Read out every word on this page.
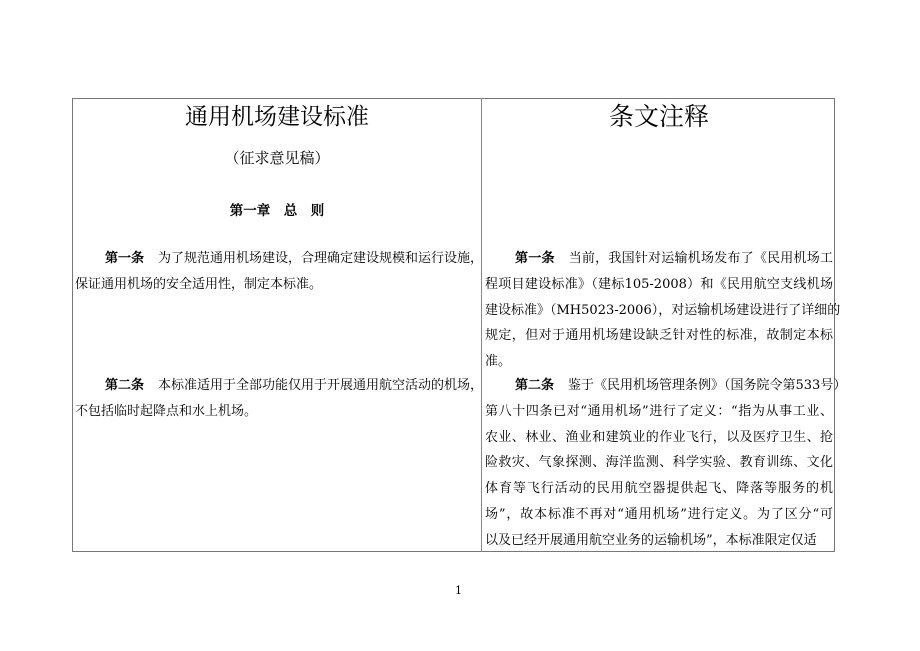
通用机场建设标准	条文注释
（征求意见稿）
第一章　总　则
第一条 为了规范通用机场建设，合理确定建设规模和运行设施，
保证通用机场的安全适用性，制定本标准。
第二条 本标准适用于全部功能仅用于开展通用航空活动的机场，
不包括临时起降点和水上机场。
第一条 当前，我国针对运输机场发布了《民用机场工
程项目建设标准》（建标105-2008）和《民用航空支线机场
建设标准》（MH5023-2006），对运输机场建设进行了详细的
规定，但对于通用机场建设缺乏针对性的标准，故制定本标
准。
第二条 鉴于《民用机场管理条例》（国务院令第533号）
第八十四条已对“通用机场”进行了定义：“指为从事工业、
农业、林业、渔业和建筑业的作业飞行，以及医疗卫生、抢
险救灾、气象探测、海洋监测、科学实验、教育训练、文化
体育等飞行活动的民用航空器提供起飞、降落等服务的机
场”，故本标准不再对“通用机场”进行定义。为了区分“可
以及已经开展通用航空业务的运输机场”，本标准限定仅适
1
